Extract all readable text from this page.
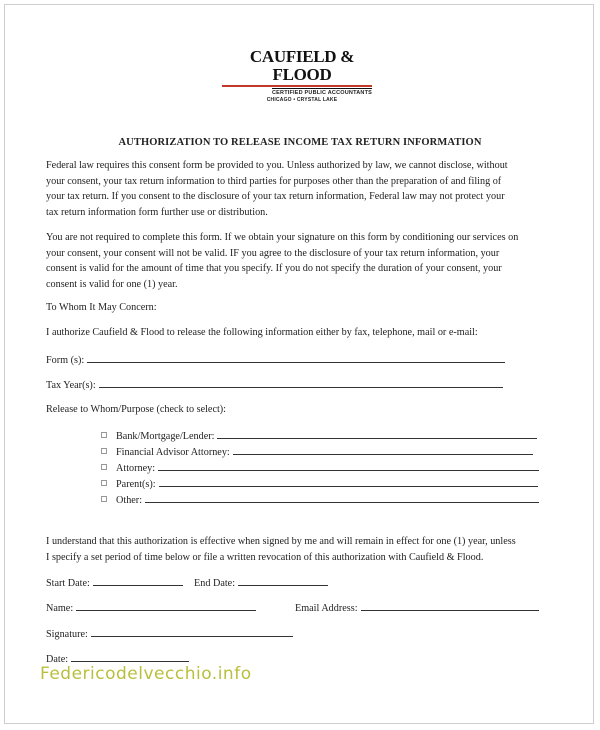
CAUFIELD & FLOOD
CERTIFIED PUBLIC ACCOUNTANTS
CHICAGO • CRYSTAL LAKE
AUTHORIZATION TO RELEASE INCOME TAX RETURN INFORMATION
Federal law requires this consent form be provided to you. Unless authorized by law, we cannot disclose, without
your consent, your tax return information to third parties for purposes other than the preparation of and filing of
your tax return. If you consent to the disclosure of your tax return information, Federal law may not protect your
tax return information form further use or distribution.
You are not required to complete this form. If we obtain your signature on this form by conditioning our services on
your consent, your consent will not be valid. IF you agree to the disclosure of your tax return information, your
consent is valid for the amount of time that you specify. If you do not specify the duration of your consent, your
consent is valid for one (1) year.
To Whom It May Concern:
I authorize Caufield & Flood to release the following information either by fax, telephone, mail or e-mail:
Form (s):
Tax Year(s):
Release to Whom/Purpose (check to select):
Bank/Mortgage/Lender:
Financial Advisor Attorney:
Attorney:
Parent(s):
Other:
I understand that this authorization is effective when signed by me and will remain in effect for one (1) year, unless
I specify a set period of time below or file a written revocation of this authorization with Caufield & Flood.
Start Date:	End Date:
Name:	Email Address:
Signature:
Date:
Federicodelvecchio.info
